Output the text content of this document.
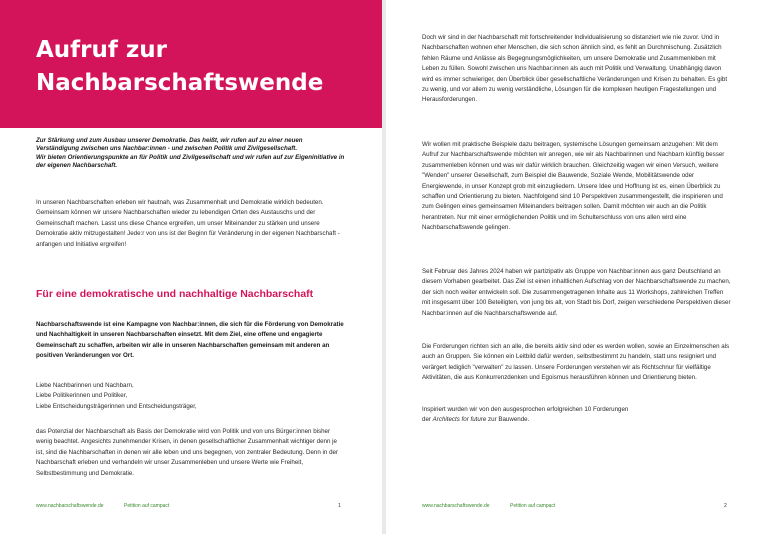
Aufruf zur Nachbarschaftswende

Zur Stärkung und zum Ausbau unserer Demokratie. Das heißt, wir rufen auf zu einer neuen Verständigung zwischen uns Nachbar:innen - und zwischen Politik und Zivilgesellschaft.

Wir bieten Orientierungspunkte an für Politik und Zivilgesellschaft und wir rufen auf zur Eigeninitiative in der eigenen Nachbarschaft.

In unseren Nachbarschaften erleben wir hautnah, was Zusammenhalt und Demokratie wirklich bedeuten. Gemeinsam können wir unsere Nachbarschaften wieder zu lebendigen Orten des Austauschs und der Gemeinschaft machen. Lasst uns diese Chance ergreifen, um unser Miteinander zu stärken und unsere Demokratie aktiv mitzugestalten! Jede:r von uns ist der Beginn für Veränderung in der eigenen Nachbarschaft - anfangen und Initiative ergreifen!

Für eine demokratische und nachhaltige Nachbarschaft

Nachbarschaftswende ist eine Kampagne von Nachbar:innen, die sich für die Förderung von Demokratie und Nachhaltigkeit in unseren Nachbarschaften einsetzt. Mit dem Ziel, eine offene und engagierte Gemeinschaft zu schaffen, arbeiten wir alle in unseren Nachbarschaften gemeinsam mit anderen an positiven Veränderungen vor Ort.

Liebe Nachbarinnen und Nachbarn,
Liebe Politikerinnen und Politiker,
Liebe Entscheidungsträgerinnen und Entscheidungsträger,

das Potenzial der Nachbarschaft als Basis der Demokratie wird von Politik und von uns Bürger:innen bisher wenig beachtet. Angesichts zunehmender Krisen, in denen gesellschaftlicher Zusammenhalt wichtiger denn je ist, sind die Nachbarschaften in denen wir alle leben und uns begegnen, von zentraler Bedeutung. Denn in der Nachbarschaft erleben und verhandeln wir unser Zusammenleben und unsere Werte wie Freiheit, Selbstbestimmung und Demokratie.

www.nachbarschaftswende.de	Petition auf campact	1

Doch wir sind in der Nachbarschaft mit fortschreitender Individualisierung so distanziert wie nie zuvor. Und in Nachbarschaften wohnen eher Menschen, die sich schon ähnlich sind, es fehlt an Durchmischung. Zusätzlich fehlen Räume und Anlässe als Begegnungsmöglichkeiten, um unsere Demokratie und Zusammenleben mit Leben zu füllen. Sowohl zwischen uns Nachbar:innen als auch mit Politik und Verwaltung. Unabhängig davon wird es immer schwieriger, den Überblick über gesellschaftliche Veränderungen und Krisen zu behalten. Es gibt zu wenig, und vor allem zu wenig verständliche, Lösungen für die komplexen heutigen Fragestellungen und Herausforderungen.

Wir wollen mit praktische Beispiele dazu beitragen, systemische Lösungen gemeinsam anzugehen: Mit dem Aufruf zur Nachbarschaftswende möchten wir anregen, wie wir als Nachbarinnen und Nachbarn künftig besser zusammenleben können und was wir dafür wirklich brauchen. Gleichzeitig wagen wir einen Versuch, weitere "Wenden" unserer Gesellschaft, zum Beispiel die Bauwende, Soziale Wende, Mobilitätswende oder Energiewende, in unser Konzept grob mit einzugliedern. Unsere Idee und Hoffnung ist es, einen Überblick zu schaffen und Orientierung zu bieten. Nachfolgend sind 10 Perspektiven zusammengestellt, die inspirieren und zum Gelingen eines gemeinsamen Miteinanders beitragen sollen. Damit möchten wir auch an die Politik herantreten. Nur mit einer ermöglichenden Politik und im Schulterschluss von uns allen wird eine Nachbarschaftswende gelingen.

Seit Februar des Jahres 2024 haben wir partizipativ als Gruppe von Nachbar:innen aus ganz Deutschland an diesem Vorhaben gearbeitet. Das Ziel ist einen inhaltlichen Aufschlag von der Nachbarschaftswende zu machen, der sich noch weiter entwickeln soll. Die zusammengetragenen Inhalte aus 11 Workshops, zahlreichen Treffen mit insgesamt über 100 Beteiligten, von jung bis alt, von Stadt bis Dorf, zeigen verschiedene Perspektiven dieser Nachbar:innen auf die Nachbarschaftswende auf.

Die Forderungen richten sich an alle, die bereits aktiv sind oder es werden wollen, sowie an Einzelmenschen als auch an Gruppen. Sie können ein Leitbild dafür werden, selbstbestimmt zu handeln, statt uns resigniert und verärgert lediglich "verwalten" zu lassen. Unsere Forderungen verstehen wir als Richtschnur für vielfältige Aktivitäten, die aus Konkurrenzdenken und Egoismus herausführen können und Orientierung bieten.

Inspiriert wurden wir von den ausgesprochen erfolgreichen 10 Forderungen
der Architects for future zur Bauwende.
www.nachbarschaftswende.de	Petition auf campact	2
